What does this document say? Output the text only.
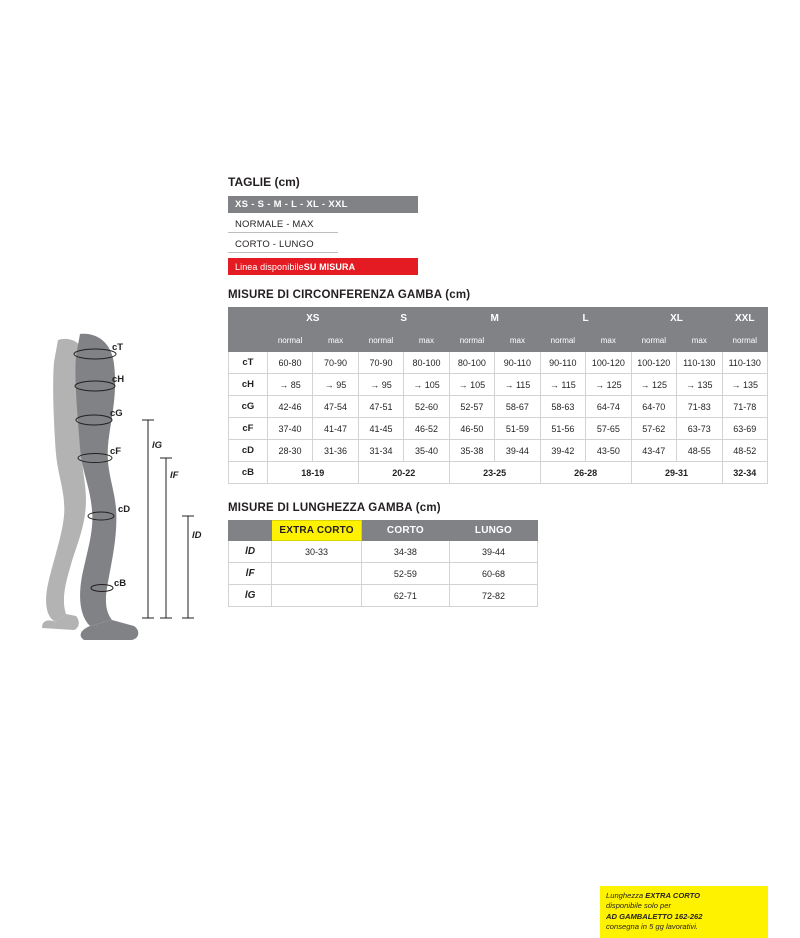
cT
cH
cG
cF
cD
cB
lG
lF
lD
TAGLIE (cm)
XS - S - M - L - XL - XXL
NORMALE - MAX
CORTO - LUNGO
Linea disponibile SU MISURA
MISURE DI CIRCONFERENZA GAMBA (cm)
	XS		S		M		L		XL		XXL
	normal	max	normal	max	normal	max	normal	max	normal	max	normal
cT	60-80	70-90	70-90	80-100	80-100	90-110	90-110	100-120	100-120	110-130	110-130
cH	→ 85	→ 95	→ 95	→ 105	→ 105	→ 115	→ 115	→ 125	→ 125	→ 135	→ 135
cG	42-46	47-54	47-51	52-60	52-57	58-67	58-63	64-74	64-70	71-83	71-78
cF	37-40	41-47	41-45	46-52	46-50	51-59	51-56	57-65	57-62	63-73	63-69
cD	28-30	31-36	31-34	35-40	35-38	39-44	39-42	43-50	43-47	48-55	48-52
cB	18-19		20-22		23-25		26-28		29-31		32-34
MISURE DI LUNGHEZZA GAMBA (cm)
	EXTRA CORTO	CORTO	LUNGO
lD	30-33	34-38	39-44
lF		52-59	60-68
lG		62-71	72-82
Lunghezza EXTRA CORTO
disponibile solo per
AD GAMBALETTO 162-262
consegna in 5 gg lavorativi.
